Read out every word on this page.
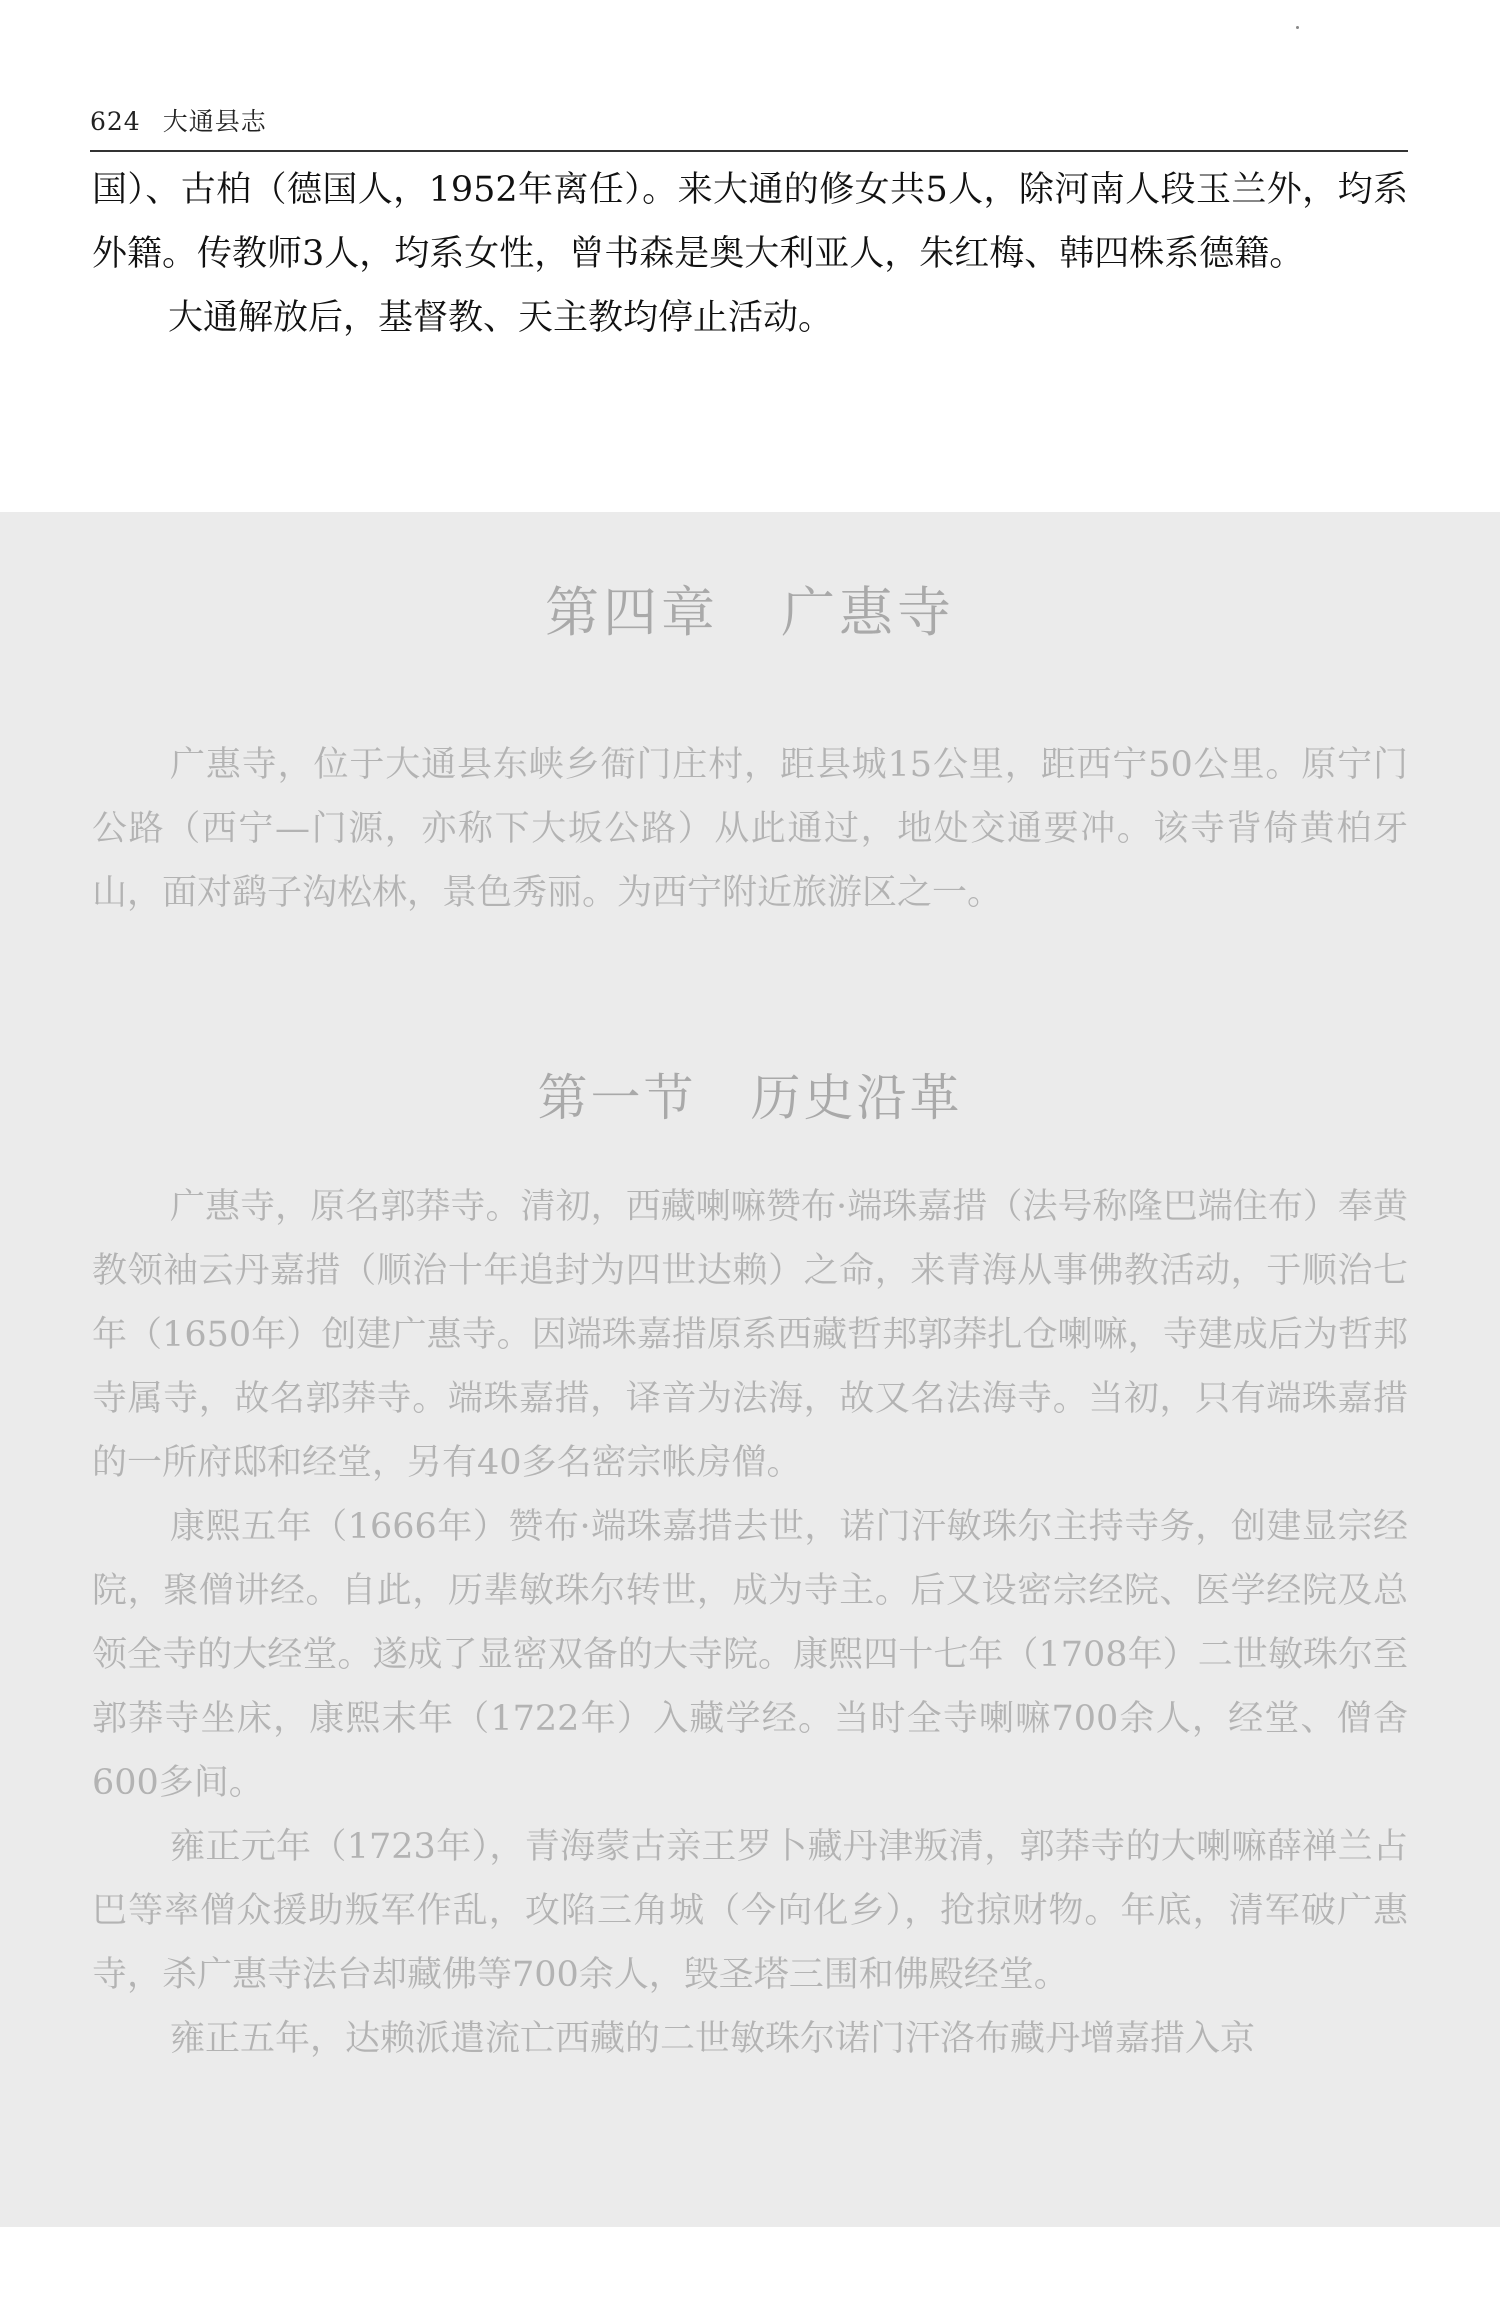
624 大通县志

国）、古柏（德国人，1952年离任）。来大通的修女共5人，除河南人段玉兰外，均系外籍。传教师3人，均系女性，曾书森是奥大利亚人，朱红梅、韩四株系德籍。

大通解放后，基督教、天主教均停止活动。

第四章 广惠寺

广惠寺，位于大通县东峡乡衙门庄村，距县城15公里，距西宁50公里。原宁门公路（西宁—门源，亦称下大坂公路）从此通过，地处交通要冲。该寺背倚黄柏牙山，面对鹞子沟松林，景色秀丽。为西宁附近旅游区之一。

第一节 历史沿革

广惠寺，原名郭莽寺。清初，西藏喇嘛赞布·端珠嘉措（法号称隆巴端住布）奉黄教领袖云丹嘉措（顺治十年追封为四世达赖）之命，来青海从事佛教活动，于顺治七年（1650年）创建广惠寺。因端珠嘉措原系西藏哲邦郭莽扎仓喇嘛，寺建成后为哲邦寺属寺，故名郭莽寺。端珠嘉措，译音为法海，故又名法海寺。当初，只有端珠嘉措的一所府邸和经堂，另有40多名密宗帐房僧。

康熙五年（1666年）赞布·端珠嘉措去世，诺门汗敏珠尔主持寺务，创建显宗经院，聚僧讲经。自此，历辈敏珠尔转世，成为寺主。后又设密宗经院、医学经院及总领全寺的大经堂。遂成了显密双备的大寺院。康熙四十七年（1708年）二世敏珠尔至郭莽寺坐床，康熙末年（1722年）入藏学经。当时全寺喇嘛700余人，经堂、僧舍600多间。

雍正元年（1723年），青海蒙古亲王罗卜藏丹津叛清，郭莽寺的大喇嘛薛禅兰占巴等率僧众援助叛军作乱，攻陷三角城（今向化乡），抢掠财物。年底，清军破广惠寺，杀广惠寺法台却藏佛等700余人，毁圣塔三围和佛殿经堂。

雍正五年，达赖派遣流亡西藏的二世敏珠尔诺门汗洛布藏丹增嘉措入京
